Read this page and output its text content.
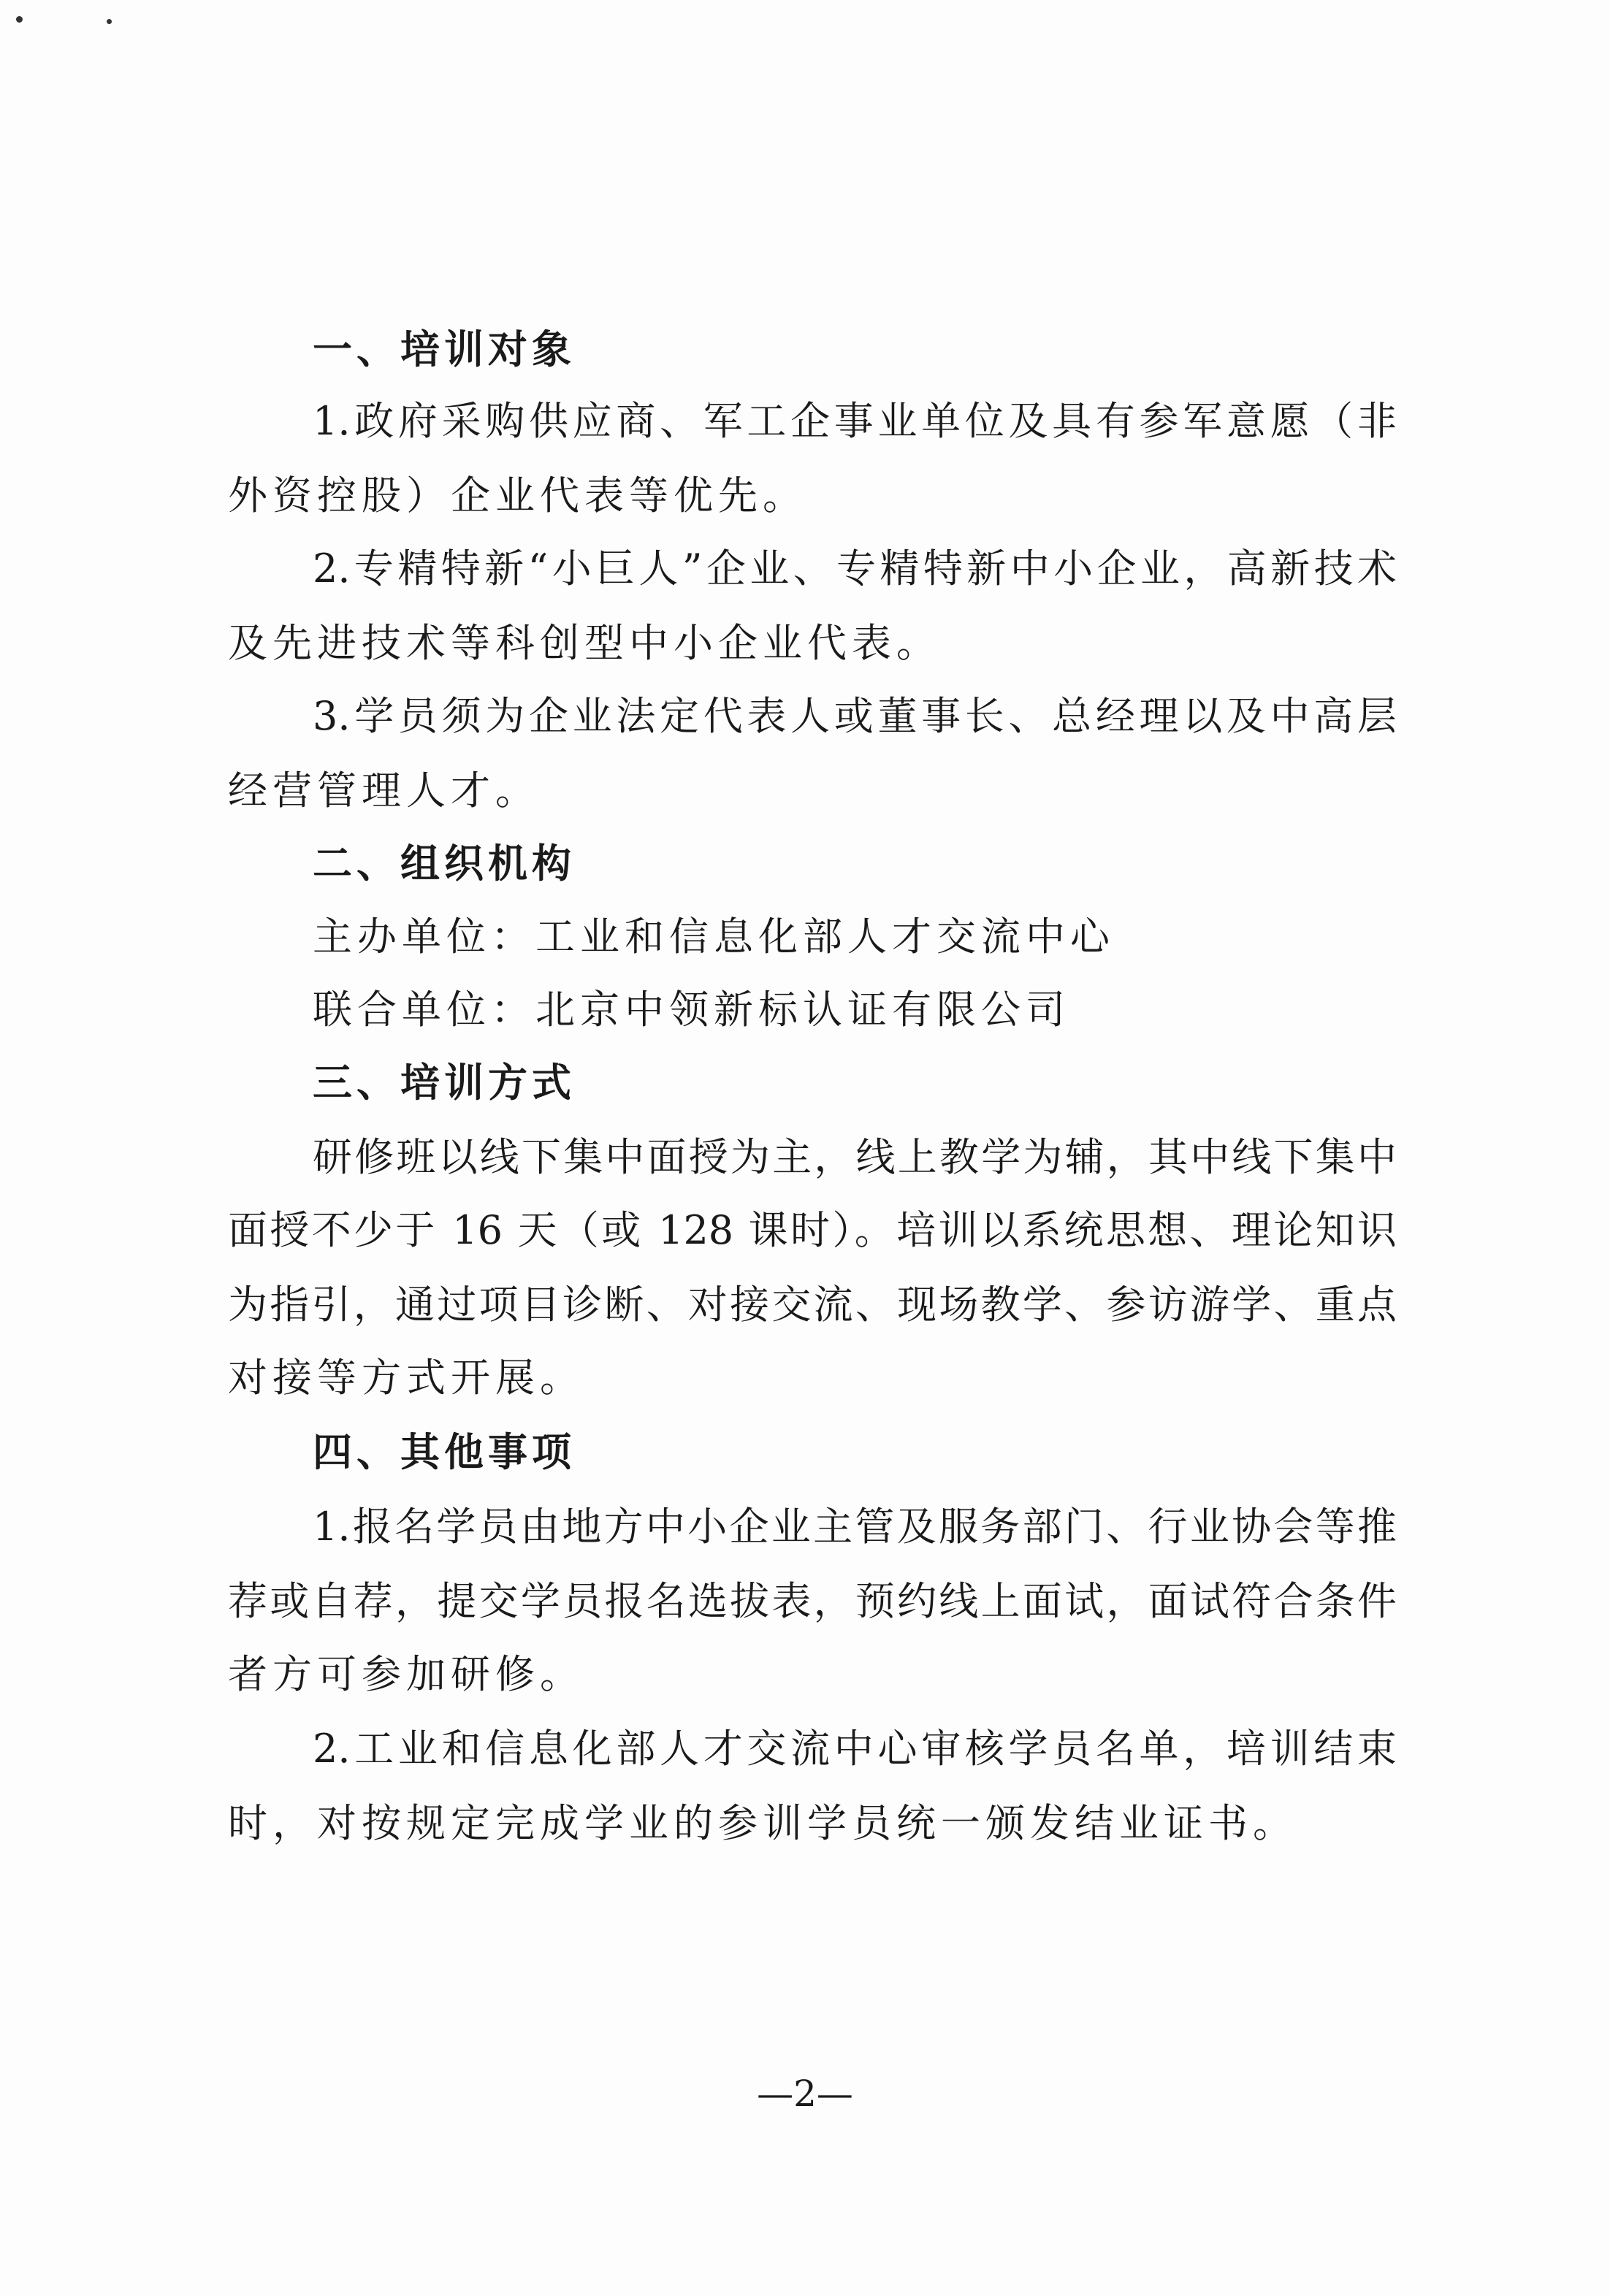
一、培训对象
1.政府采购供应商、军工企事业单位及具有参军意愿（非
外资控股）企业代表等优先。
2.专精特新“小巨人”企业、专精特新中小企业，高新技术
及先进技术等科创型中小企业代表。
3.学员须为企业法定代表人或董事长、总经理以及中高层
经营管理人才。
二、组织机构
主办单位：工业和信息化部人才交流中心
联合单位：北京中领新标认证有限公司
三、培训方式
研修班以线下集中面授为主，线上教学为辅，其中线下集中
面授不少于 16 天（或 128 课时）。培训以系统思想、理论知识
为指引，通过项目诊断、对接交流、现场教学、参访游学、重点
对接等方式开展。
四、其他事项
1.报名学员由地方中小企业主管及服务部门、行业协会等推
荐或自荐，提交学员报名选拔表，预约线上面试，面试符合条件
者方可参加研修。
2.工业和信息化部人才交流中心审核学员名单，培训结束
时，对按规定完成学业的参训学员统一颁发结业证书。
—2—
